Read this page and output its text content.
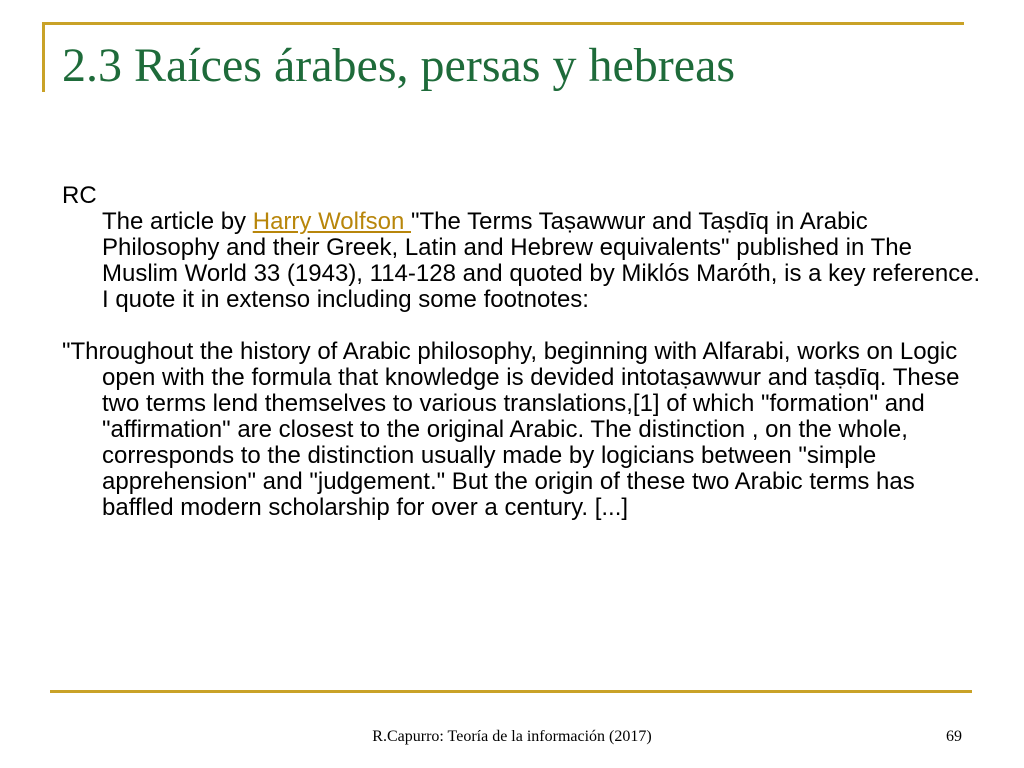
2.3 Raíces árabes, persas y hebreas

RC
The article by Harry Wolfson "The Terms Taṣawwur and Taṣdīq in Arabic Philosophy and their Greek, Latin and Hebrew equivalents" published in The Muslim World 33 (1943), 114-128 and quoted by Miklós Maróth, is a key reference. I quote it in extenso including some footnotes:

"Throughout the history of Arabic philosophy, beginning with Alfarabi, works on Logic open with the formula that knowledge is devided intotaṣawwur and taṣdīq. These two terms lend themselves to various translations,[1] of which "formation" and "affirmation" are closest to the original Arabic. The distinction , on the whole, corresponds to the distinction usually made by logicians between "simple apprehension" and "judgement." But the origin of these two Arabic terms has baffled modern scholarship for over a century. [...]

R.Capurro: Teoría de la información (2017)	69
